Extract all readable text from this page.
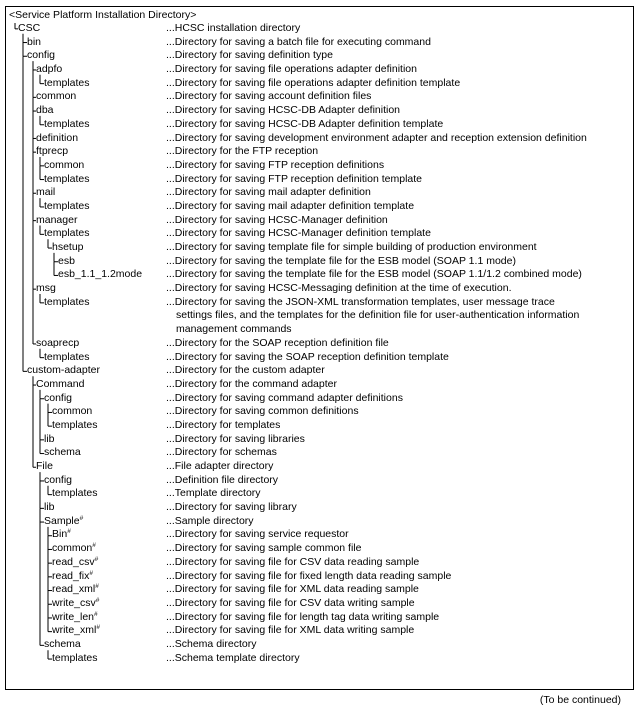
<Service Platform Installation Directory>
CSC	...HCSC installation directory
bin	...Directory for saving a batch file for executing command
config	...Directory for saving definition type
adpfo	...Directory for saving file operations adapter definition
templates	...Directory for saving file operations adapter definition template
common	...Directory for saving account definition files
dba	...Directory for saving HCSC-DB Adapter definition
templates	...Directory for saving HCSC-DB Adapter definition template
definition	...Directory for saving development environment adapter and reception extension definition
ftprecp	...Directory for the FTP reception
common	...Directory for saving FTP reception definitions
templates	...Directory for saving FTP reception definition template
mail	...Directory for saving mail adapter definition
templates	...Directory for saving mail adapter definition template
manager	...Directory for saving HCSC-Manager definition
templates	...Directory for saving HCSC-Manager definition template
hsetup	...Directory for saving template file for simple building of production environment
esb	...Directory for saving the template file for the ESB model (SOAP 1.1 mode)
esb_1.1_1.2mode ...Directory for saving the template file for the ESB model (SOAP 1.1/1.2 combined mode)
msg	...Directory for saving HCSC-Messaging definition at the time of execution.
templates	...Directory for saving the JSON-XML transformation templates, user message trace
settings files, and the templates for the definition file for user-authentication information
management commands
soaprecp	...Directory for the SOAP reception definition file
templates	...Directory for saving the SOAP reception definition template
custom-adapter	...Directory for the custom adapter
Command	...Directory for the command adapter
config	...Directory for saving command adapter definitions
common	...Directory for saving common definitions
templates	...Directory for templates
lib	...Directory for saving libraries
schema	...Directory for schemas
File	...File adapter directory
config	...Definition file directory
templates	...Template directory
lib	...Directory for saving library
Sample#	...Sample directory
Bin#	...Directory for saving service requestor
common#	...Directory for saving sample common file
read_csv#	...Directory for saving file for CSV data reading sample
read_fix#	...Directory for saving file for fixed length data reading sample
read_xml#	...Directory for saving file for XML data reading sample
write_csv#	...Directory for saving file for CSV data writing sample
write_len#	...Directory for saving file for length tag data writing sample
write_xml#	...Directory for saving file for XML data writing sample
schema	...Schema directory
templates	...Schema template directory
(To be continued)
